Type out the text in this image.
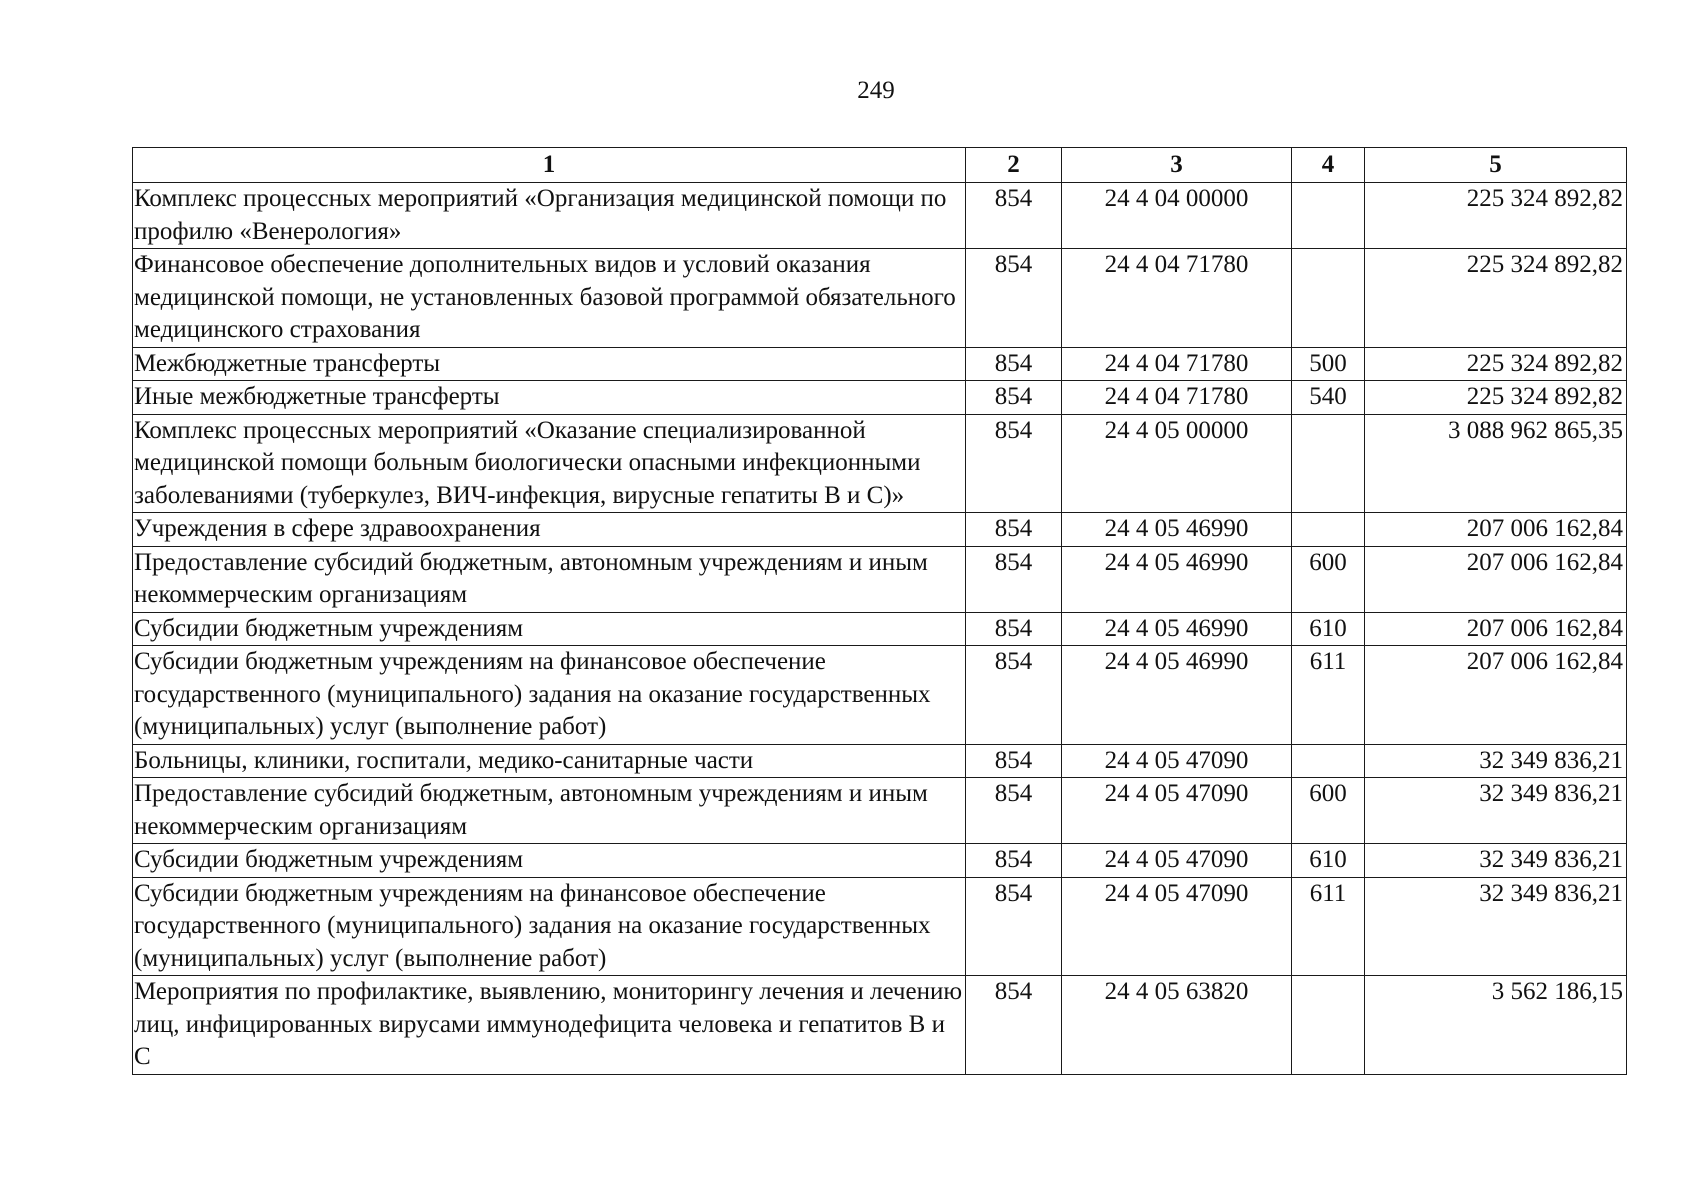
249
1	2	3	4	5
Комплекс процессных мероприятий «Организация медицинской помощи по профилю «Венерология»	854	24 4 04 00000		225 324 892,82
Финансовое обеспечение дополнительных видов и условий оказания медицинской помощи, не установленных базовой программой обязательного медицинского страхования	854	24 4 04 71780		225 324 892,82
Межбюджетные трансферты	854	24 4 04 71780	500	225 324 892,82
Иные межбюджетные трансферты	854	24 4 04 71780	540	225 324 892,82
Комплекс процессных мероприятий «Оказание специализированной медицинской помощи больным биологически опасными инфекционными заболеваниями (туберкулез, ВИЧ-инфекция, вирусные гепатиты В и С)»	854	24 4 05 00000		3 088 962 865,35
Учреждения в сфере здравоохранения	854	24 4 05 46990		207 006 162,84
Предоставление субсидий бюджетным, автономным учреждениям и иным некоммерческим организациям	854	24 4 05 46990	600	207 006 162,84
Субсидии бюджетным учреждениям	854	24 4 05 46990	610	207 006 162,84
Субсидии бюджетным учреждениям на финансовое обеспечение государственного (муниципального) задания на оказание государственных (муниципальных) услуг (выполнение работ)	854	24 4 05 46990	611	207 006 162,84
Больницы, клиники, госпитали, медико-санитарные части	854	24 4 05 47090		32 349 836,21
Предоставление субсидий бюджетным, автономным учреждениям и иным некоммерческим организациям	854	24 4 05 47090	600	32 349 836,21
Субсидии бюджетным учреждениям	854	24 4 05 47090	610	32 349 836,21
Субсидии бюджетным учреждениям на финансовое обеспечение государственного (муниципального) задания на оказание государственных (муниципальных) услуг (выполнение работ)	854	24 4 05 47090	611	32 349 836,21
Мероприятия по профилактике, выявлению, мониторингу лечения и лечению лиц, инфицированных вирусами иммунодефицита человека и гепатитов В и С	854	24 4 05 63820		3 562 186,15
